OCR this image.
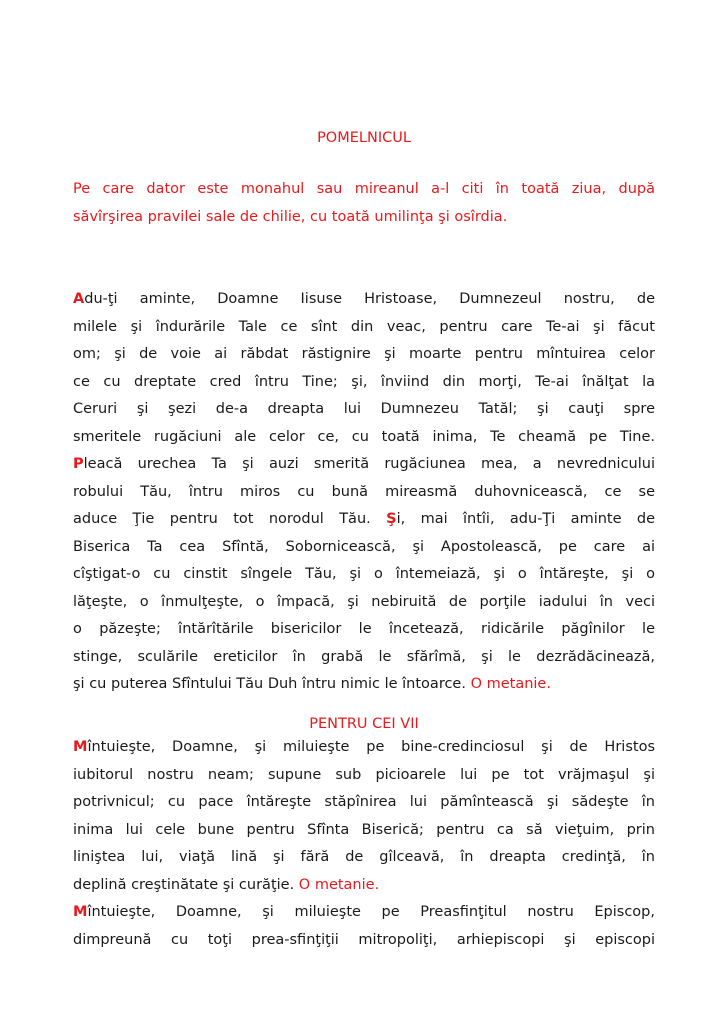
POMELNICUL
Pe care dator este monahul sau mireanul a-l citi în toată ziua, după
săvîrşirea pravilei sale de chilie, cu toată umilinţa şi osîrdia.
Adu-ţi aminte, Doamne Iisuse Hristoase, Dumnezeul nostru, de
milele şi îndurările Tale ce sînt din veac, pentru care Te-ai şi făcut
om; şi de voie ai răbdat răstignire şi moarte pentru mîntuirea celor
ce cu dreptate cred întru Tine; şi, înviind din morţi, Te-ai înălţat la
Ceruri şi şezi de-a dreapta lui Dumnezeu Tatăl; şi cauţi spre
smeritele rugăciuni ale celor ce, cu toată inima, Te cheamă pe Tine.
Pleacă urechea Ta şi auzi smerită rugăciunea mea, a nevrednicului
robului Tău, întru miros cu bună mireasmă duhovnicească, ce se
aduce Ţie pentru tot norodul Tău. Şi, mai întîi, adu-Ţi aminte de
Biserica Ta cea Sfîntă, Sobornicească, şi Apostolească, pe care ai
cîştigat-o cu cinstit sîngele Tău, şi o întemeiază, şi o întăreşte, şi o
lăţeşte, o înmulţeşte, o împacă, şi nebiruită de porţile iadului în veci
o păzeşte; întărîtările bisericilor le încetează, ridicările păgînilor le
stinge, sculările ereticilor în grabă le sfărîmă, şi le dezrădăcinează,
şi cu puterea Sfîntului Tău Duh întru nimic le întoarce. O metanie.
PENTRU CEI VII
Mîntuieşte, Doamne, şi miluieşte pe bine-credinciosul şi de Hristos
iubitorul nostru neam; supune sub picioarele lui pe tot vrăjmaşul şi
potrivnicul; cu pace întăreşte stăpînirea lui pămîntească şi sădeşte în
inima lui cele bune pentru Sfînta Biserică; pentru ca să vieţuim, prin
liniştea lui, viaţă lină şi fără de gîlceavă, în dreapta credinţă, în
deplină creştinătate şi curăţie. O metanie.
Mîntuieşte, Doamne, şi miluieşte pe Preasfinţitul nostru Episcop,
dimpreună cu toţi prea-sfinţiţii mitropoliţi, arhiepiscopi şi episcopi
